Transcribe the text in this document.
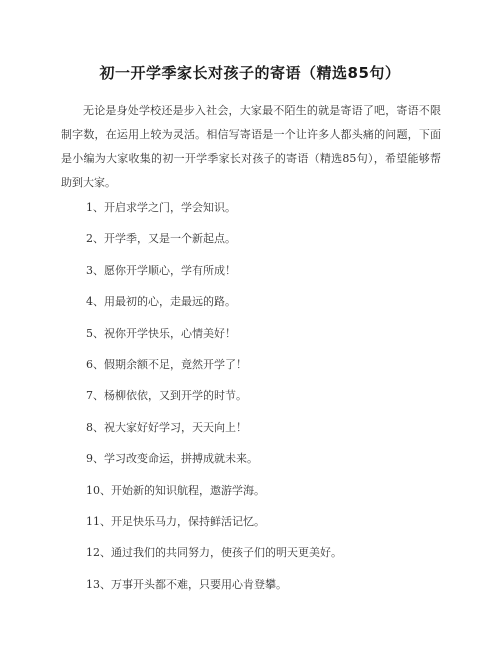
初一开学季家长对孩子的寄语（精选85句）

无论是身处学校还是步入社会，大家最不陌生的就是寄语了吧，寄语不限制字数，在运用上较为灵活。相信写寄语是一个让许多人都头痛的问题，下面是小编为大家收集的初一开学季家长对孩子的寄语（精选85句），希望能够帮助到大家。

1、开启求学之门，学会知识。
2、开学季，又是一个新起点。
3、愿你开学顺心，学有所成！
4、用最初的心，走最远的路。
5、祝你开学快乐，心情美好！
6、假期余额不足，竟然开学了！
7、杨柳依依，又到开学的时节。
8、祝大家好好学习，天天向上！
9、学习改变命运，拼搏成就未来。
10、开始新的知识航程，遨游学海。
11、开足快乐马力，保持鲜活记忆。
12、通过我们的共同努力，使孩子们的明天更美好。
13、万事开头都不难，只要用心肯登攀。
